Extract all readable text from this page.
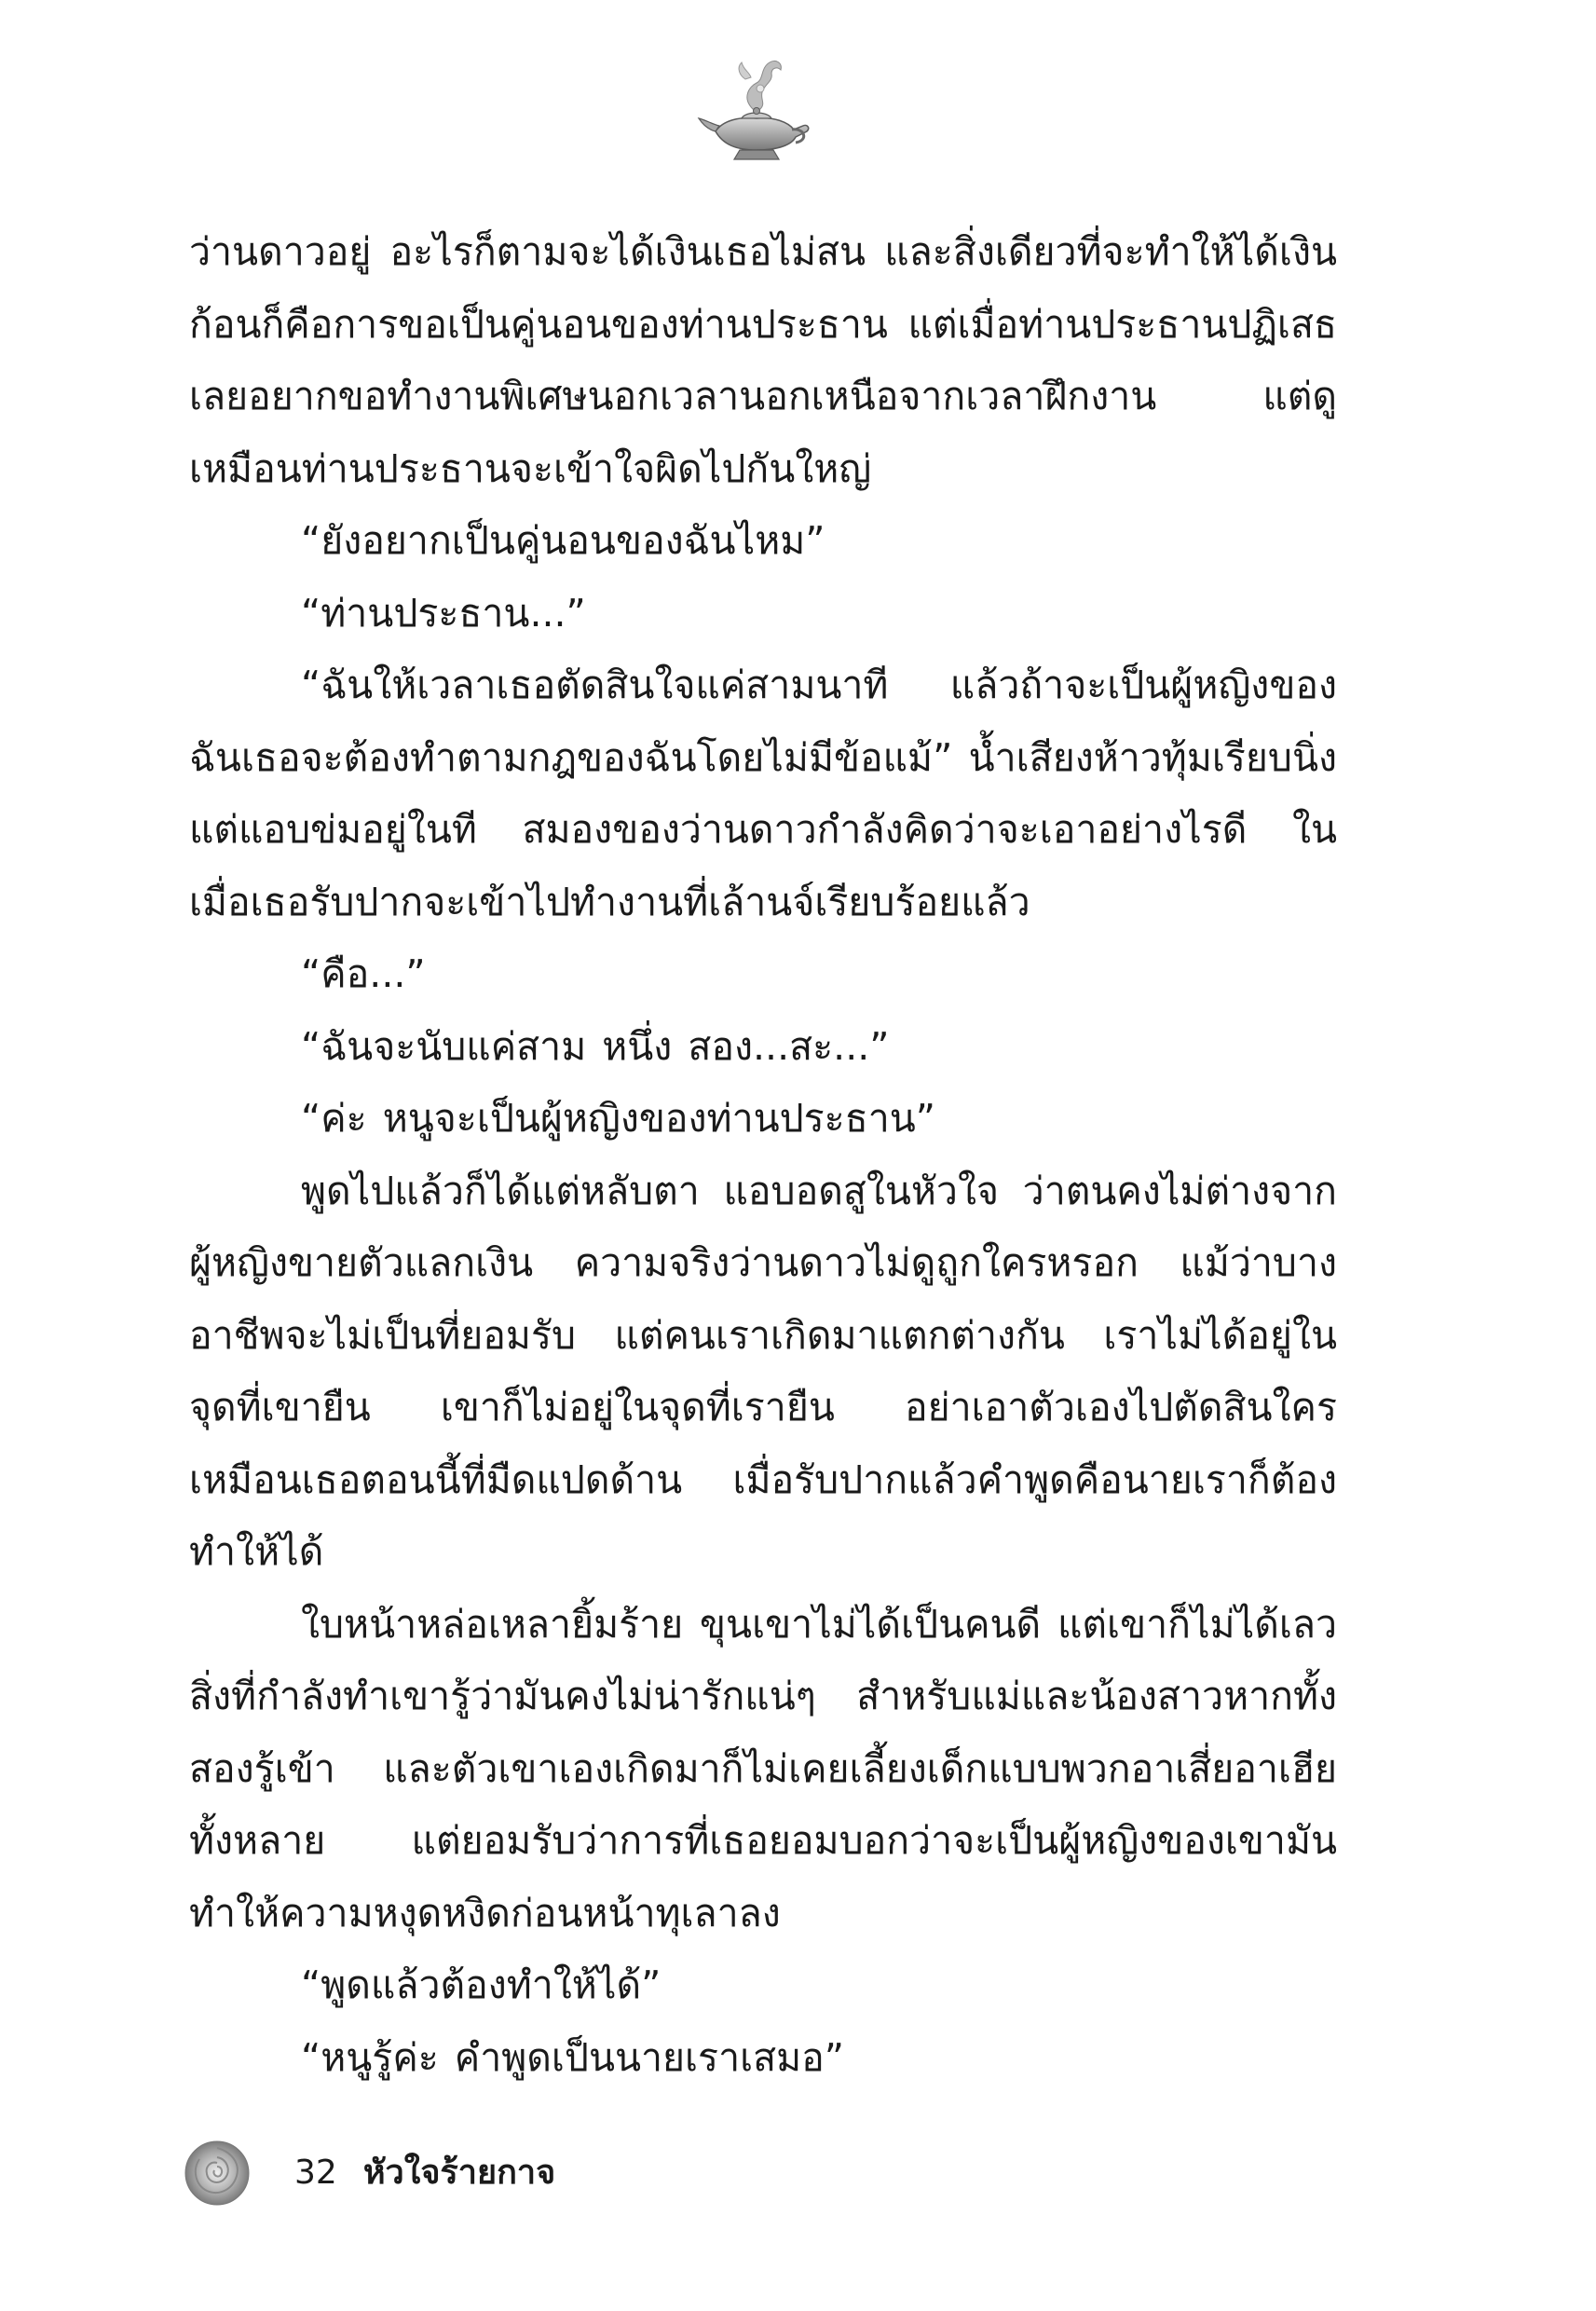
ว่านดาวอยู่ อะไรก็ตามจะได้เงินเธอไม่สน และสิ่งเดียวที่จะทำให้ได้เงินก้อนก็คือการขอเป็นคู่นอนของท่านประธาน แต่เมื่อท่านประธานปฏิเสธ เลยอยากขอทำงานพิเศษนอกเวลานอกเหนือจากเวลาฝึกงาน แต่ดูเหมือนท่านประธานจะเข้าใจผิดไปกันใหญ่

“ยังอยากเป็นคู่นอนของฉันไหม”

“ท่านประธาน...”

“ฉันให้เวลาเธอตัดสินใจแค่สามนาที แล้วถ้าจะเป็นผู้หญิงของฉันเธอจะต้องทำตามกฎของฉันโดยไม่มีข้อแม้” น้ำเสียงห้าวทุ้มเรียบนิ่งแต่แอบข่มอยู่ในที สมองของว่านดาวกำลังคิดว่าจะเอาอย่างไรดี ในเมื่อเธอรับปากจะเข้าไปทำงานที่เล้านจ์เรียบร้อยแล้ว

“คือ...”

“ฉันจะนับแค่สาม หนึ่ง สอง...สะ...”

“ค่ะ หนูจะเป็นผู้หญิงของท่านประธาน”

พูดไปแล้วก็ได้แต่หลับตา แอบอดสูในหัวใจ ว่าตนคงไม่ต่างจากผู้หญิงขายตัวแลกเงิน ความจริงว่านดาวไม่ดูถูกใครหรอก แม้ว่าบางอาชีพจะไม่เป็นที่ยอมรับ แต่คนเราเกิดมาแตกต่างกัน เราไม่ได้อยู่ในจุดที่เขายืน เขาก็ไม่อยู่ในจุดที่เรายืน อย่าเอาตัวเองไปตัดสินใครเหมือนเธอตอนนี้ที่มืดแปดด้าน เมื่อรับปากแล้วคำพูดคือนายเราก็ต้องทำให้ได้

ใบหน้าหล่อเหลายิ้มร้าย ขุนเขาไม่ได้เป็นคนดี แต่เขาก็ไม่ได้เลวสิ่งที่กำลังทำเขารู้ว่ามันคงไม่น่ารักแน่ๆ สำหรับแม่และน้องสาวหากทั้งสองรู้เข้า และตัวเขาเองเกิดมาก็ไม่เคยเลี้ยงเด็กแบบพวกอาเสี่ยอาเฮียทั้งหลาย แต่ยอมรับว่าการที่เธอยอมบอกว่าจะเป็นผู้หญิงของเขามันทำให้ความหงุดหงิดก่อนหน้าทุเลาลง

“พูดแล้วต้องทำให้ได้”

“หนูรู้ค่ะ คำพูดเป็นนายเราเสมอ”

32 หัวใจร้ายกาจ
